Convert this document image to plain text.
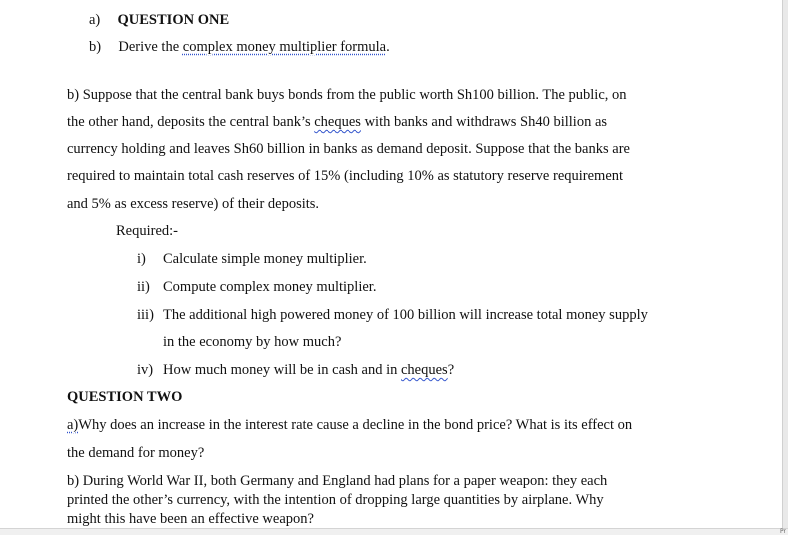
a) QUESTION ONE
b) Derive the complex money multiplier formula.
b) Suppose that the central bank buys bonds from the public worth Sh100 billion. The public, on
the other hand, deposits the central bank’s cheques with banks and withdraws Sh40 billion as
currency holding and leaves Sh60 billion in banks as demand deposit. Suppose that the banks are
required to maintain total cash reserves of 15% (including 10% as statutory reserve requirement
and 5% as excess reserve) of their deposits.
Required:-
i) Calculate simple money multiplier.
ii) Compute complex money multiplier.
iii) The additional high powered money of 100 billion will increase total money supply
in the economy by how much?
iv) How much money will be in cash and in cheques?
QUESTION TWO
a)Why does an increase in the interest rate cause a decline in the bond price? What is its effect on
the demand for money?
b) During World War II, both Germany and England had plans for a paper weapon: they each
printed the other’s currency, with the intention of dropping large quantities by airplane. Why
might this have been an effective weapon?
Pr
